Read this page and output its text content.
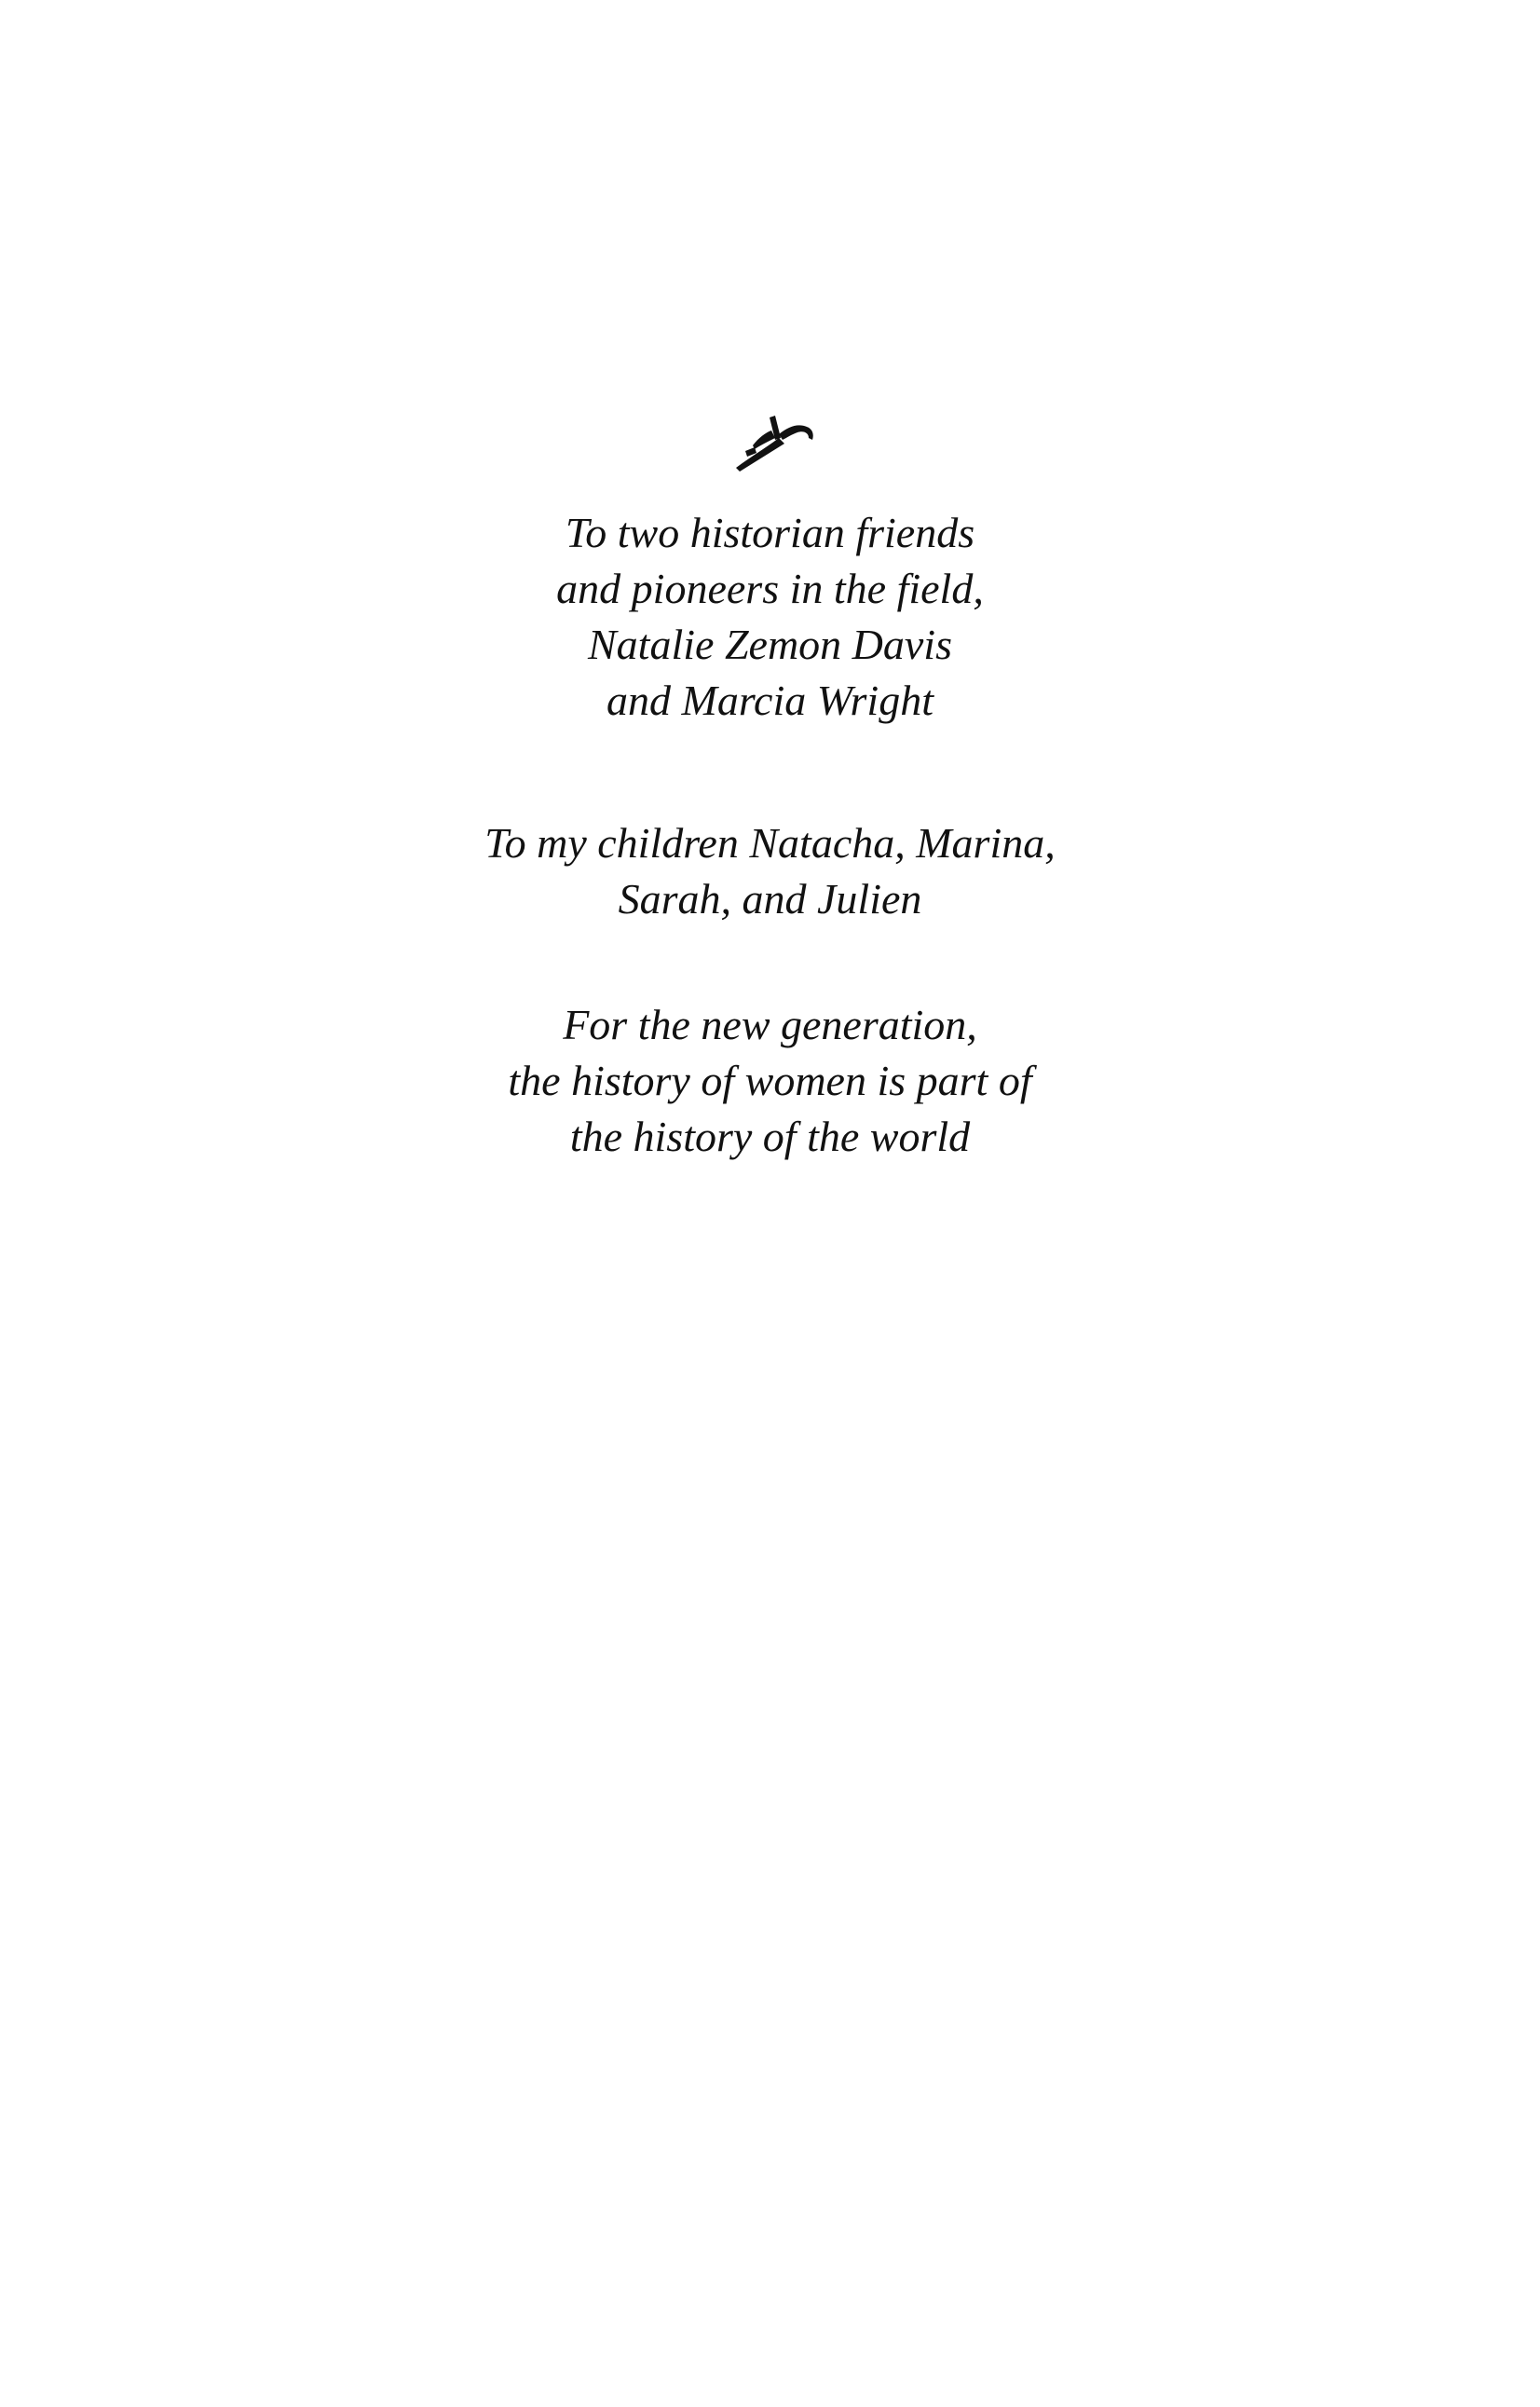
To two historian friends
and pioneers in the field,
Natalie Zemon Davis
and Marcia Wright
To my children Natacha, Marina,
Sarah, and Julien
For the new generation,
the history of women is part of
the history of the world
